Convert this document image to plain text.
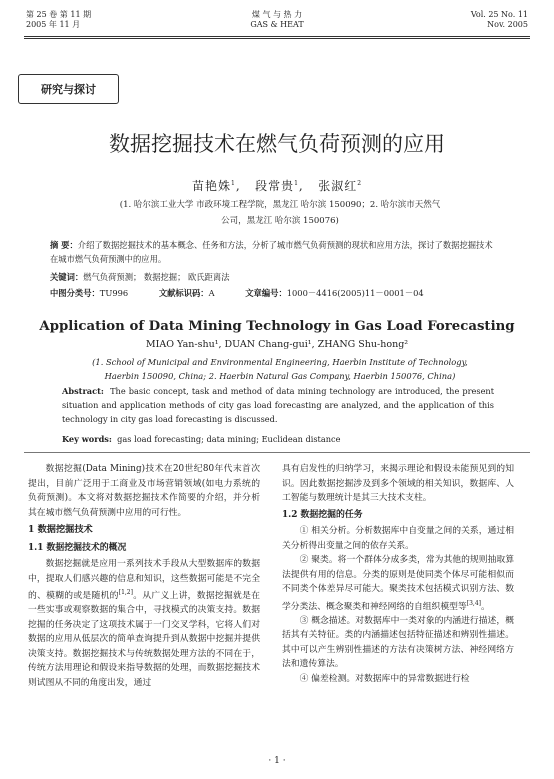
第 25 卷 第 11 期
2005 年 11 月
煤 气 与 热 力
GAS & HEAT
Vol. 25 No. 11
Nov. 2005
研究与探讨
数据挖掘技术在燃气负荷预测的应用
苗艳姝$^1$,   段常贵$^1$,   张淑红$^2$
(1. 哈尔滨工业大学 市政环境工程学院，黑龙江 哈尔滨 150090；2. 哈尔滨市天然气
公司，黑龙江 哈尔滨 150076)
摘 要：介绍了数据挖掘技术的基本概念、任务和方法，分析了城市燃气负荷预测的现状和应用方法，探讨了数据挖掘技术在城市燃气负荷预测中的应用。
关键词：燃气负荷预测； 数据挖掘； 欧氏距离法
中图分类号：TU996	文献标识码：A	文章编号：1000－4416(2005)11－0001－04
Application of Data Mining Technology in Gas Load Forecasting
MIAO Yan-shu¹, DUAN Chang-gui¹, ZHANG Shu-hong²
(1. School of Municipal and Environmental Engineering, Haerbin Institute of Technology,
Haerbin 150090, China; 2. Haerbin Natural Gas Company, Haerbin 150076, China)
Abstract: The basic concept, task and method of data mining technology are introduced, the present situation and application methods of city gas load forecasting are analyzed, and the application of this technology in city gas load forecasting is discussed.
Key words: gas load forecasting; data mining; Euclidean distance

数据挖掘(Data Mining)技术在20世纪80年代末首次提出，目前广泛用于工商业及市场营销领域(如电力系统的负荷预测)。本文将对数据挖掘技术作简要的介绍，并分析其在城市燃气负荷预测中应用的可行性。

1 数据挖掘技术
1.1 数据挖掘技术的概况

数据挖掘就是应用一系列技术手段从大型数据库的数据中，提取人们感兴趣的信息和知识，这些数据可能是不完全的、模糊的或是随机的[1,2]。从广义上讲，数据挖掘就是在一些实事或观察数据的集合中，寻找模式的决策支持。数据挖掘的任务决定了这项技术属于一门交叉学科，它将人们对数据的应用从低层次的简单查询提升到从数据中挖掘并提供决策支持。数据挖掘技术与传统数据处理方法的不同在于，传统方法用理论和假设来指导数据的处理，而数据挖掘技术则试图从不同的角度出发，通过

具有启发性的归纳学习，来揭示理论和假设未能预见到的知识。因此数据挖掘涉及到多个领域的相关知识，数据库、人工智能与数理统计是其三大技术支柱。

1.2 数据挖掘的任务

① 相关分析。分析数据库中自变量之间的关系，通过相关分析得出变量之间的依存关系。

② 聚类。将一个群体分成多类，常为其他的规则抽取算法提供有用的信息。分类的原则是使同类个体尽可能相似而不同类个体差异尽可能大。聚类技术包括模式识别方法、数学分类法、概念聚类和神经网络的自组织模型等[3,4]。

③ 概念描述。对数据库中一类对象的内涵进行描述，概括其有关特征。类的内涵描述包括特征描述和辨别性描述。其中可以产生辨别性描述的方法有决策树方法、神经网络方法和遗传算法。

④ 偏差检测。对数据库中的异常数据进行检

· 1 ·
